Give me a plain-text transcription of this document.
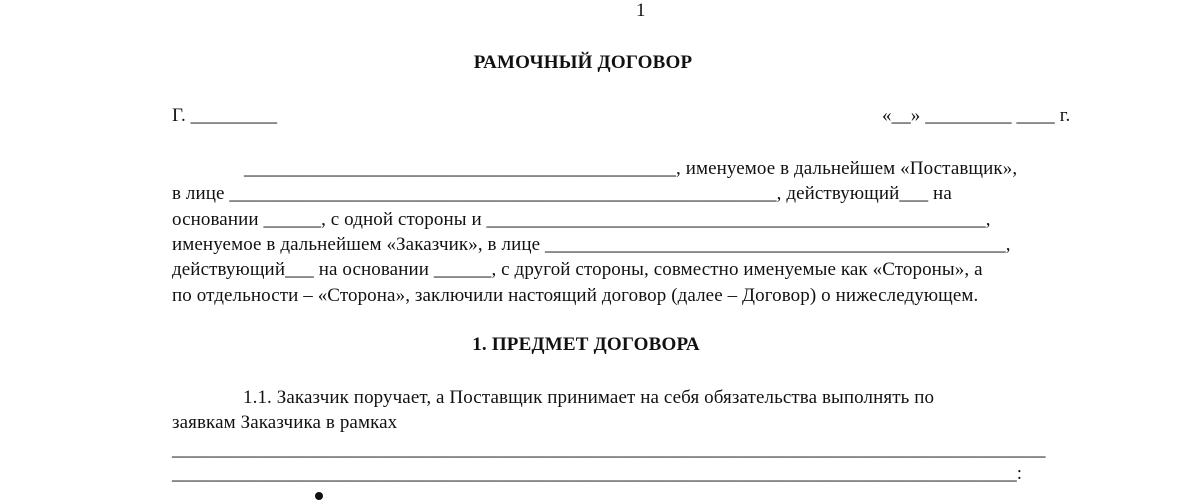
1
РАМОЧНЫЙ ДОГОВОР
Г. _________	«__» _________ ____ г.
_____________________________________________, именуемое в дальнейшем «Поставщик»,
в лице _________________________________________________________, действующий___ на
основании ______, с одной стороны и ____________________________________________________,
именуемое в дальнейшем «Заказчик», в лице ________________________________________________,
действующий___ на основании ______, с другой стороны, совместно именуемые как «Стороны», а
по отдельности – «Сторона», заключили настоящий договор (далее – Договор) о нижеследующем.
1. ПРЕДМЕТ ДОГОВОРА
1.1. Заказчик поручает, а Поставщик принимает на себя обязательства выполнять по
заявкам Заказчика в рамках
___________________________________________________________________________________________
________________________________________________________________________________________:
